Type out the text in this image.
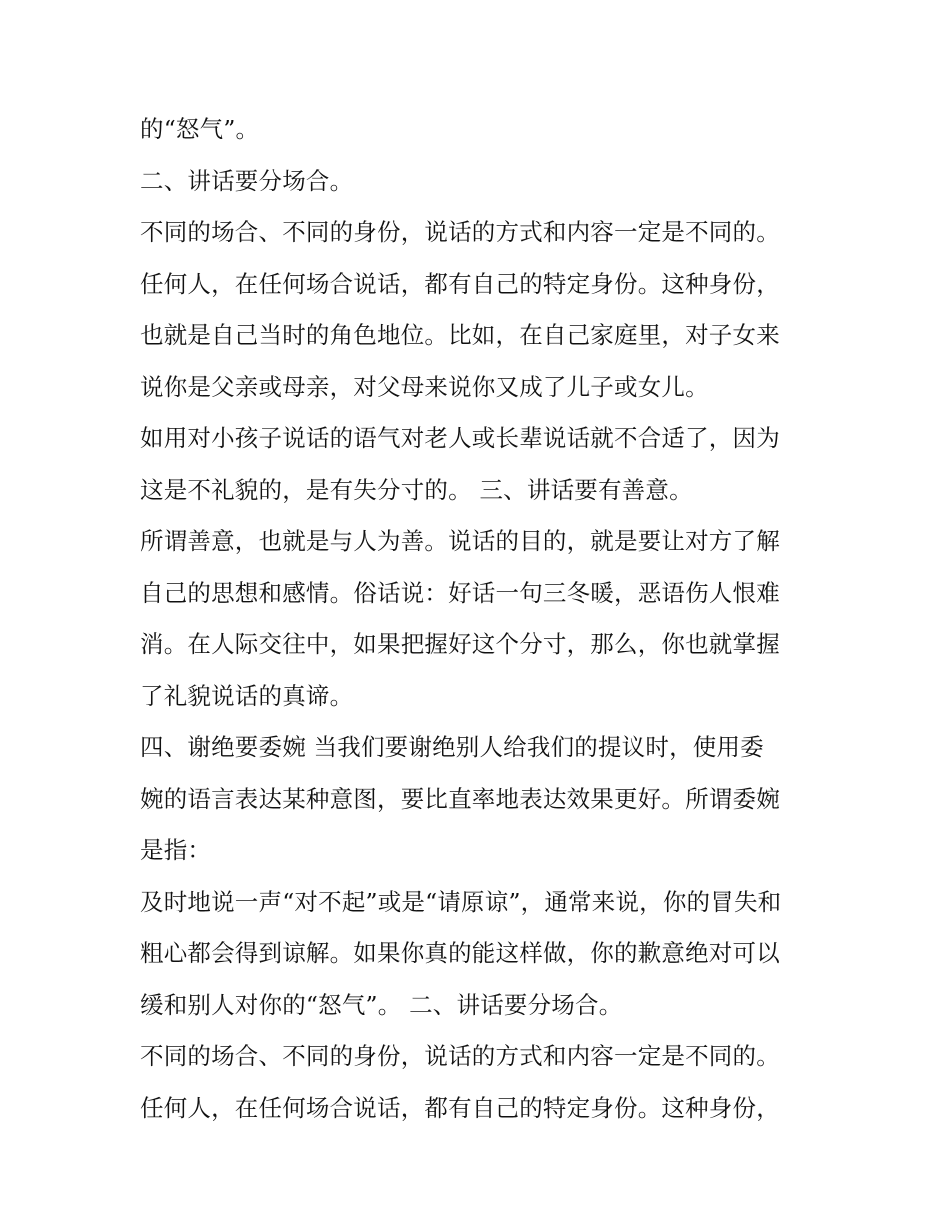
的“怒气”。
二、讲话要分场合。
不同的场合、不同的身份，说话的方式和内容一定是不同的。
任何人，在任何场合说话，都有自己的特定身份。这种身份，
也就是自己当时的角色地位。比如，在自己家庭里，对子女来
说你是父亲或母亲，对父母来说你又成了儿子或女儿。
如用对小孩子说话的语气对老人或长辈说话就不合适了，因为
这是不礼貌的，是有失分寸的。 三、讲话要有善意。
所谓善意，也就是与人为善。说话的目的，就是要让对方了解
自己的思想和感情。俗话说：好话一句三冬暖，恶语伤人恨难
消。在人际交往中，如果把握好这个分寸，那么，你也就掌握
了礼貌说话的真谛。
四、谢绝要委婉 当我们要谢绝别人给我们的提议时，使用委
婉的语言表达某种意图，要比直率地表达效果更好。所谓委婉
是指：
及时地说一声“对不起”或是“请原谅”，通常来说，你的冒失和
粗心都会得到谅解。如果你真的能这样做，你的歉意绝对可以
缓和别人对你的“怒气”。 二、讲话要分场合。
不同的场合、不同的身份，说话的方式和内容一定是不同的。
任何人，在任何场合说话，都有自己的特定身份。这种身份，
